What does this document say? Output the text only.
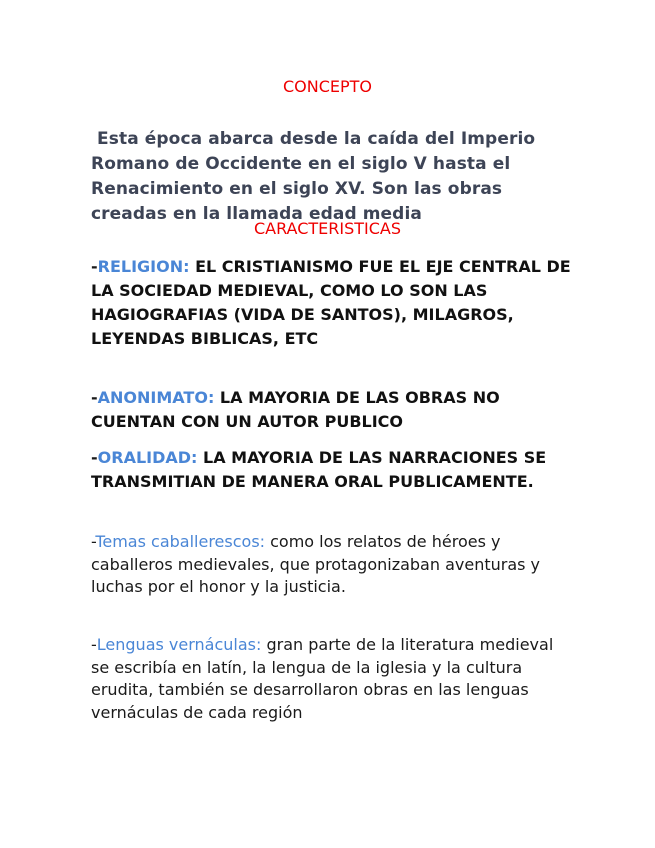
CONCEPTO

Esta época abarca desde la caída del Imperio Romano de Occidente en el siglo V hasta el Renacimiento en el siglo XV. Son las obras creadas en la llamada edad media

CARACTERISTICAS

-RELIGION: EL CRISTIANISMO FUE EL EJE CENTRAL DE LA SOCIEDAD MEDIEVAL, COMO LO SON LAS HAGIOGRAFIAS (VIDA DE SANTOS), MILAGROS, LEYENDAS BIBLICAS, ETC

-ANONIMATO: LA MAYORIA DE LAS OBRAS NO CUENTAN CON UN AUTOR PUBLICO

-ORALIDAD: LA MAYORIA DE LAS NARRACIONES SE TRANSMITIAN DE MANERA ORAL PUBLICAMENTE.

-Temas caballerescos: como los relatos de héroes y caballeros medievales, que protagonizaban aventuras y luchas por el honor y la justicia.

-Lenguas vernáculas: gran parte de la literatura medieval se escribía en latín, la lengua de la iglesia y la cultura erudita, también se desarrollaron obras en las lenguas vernáculas de cada región
